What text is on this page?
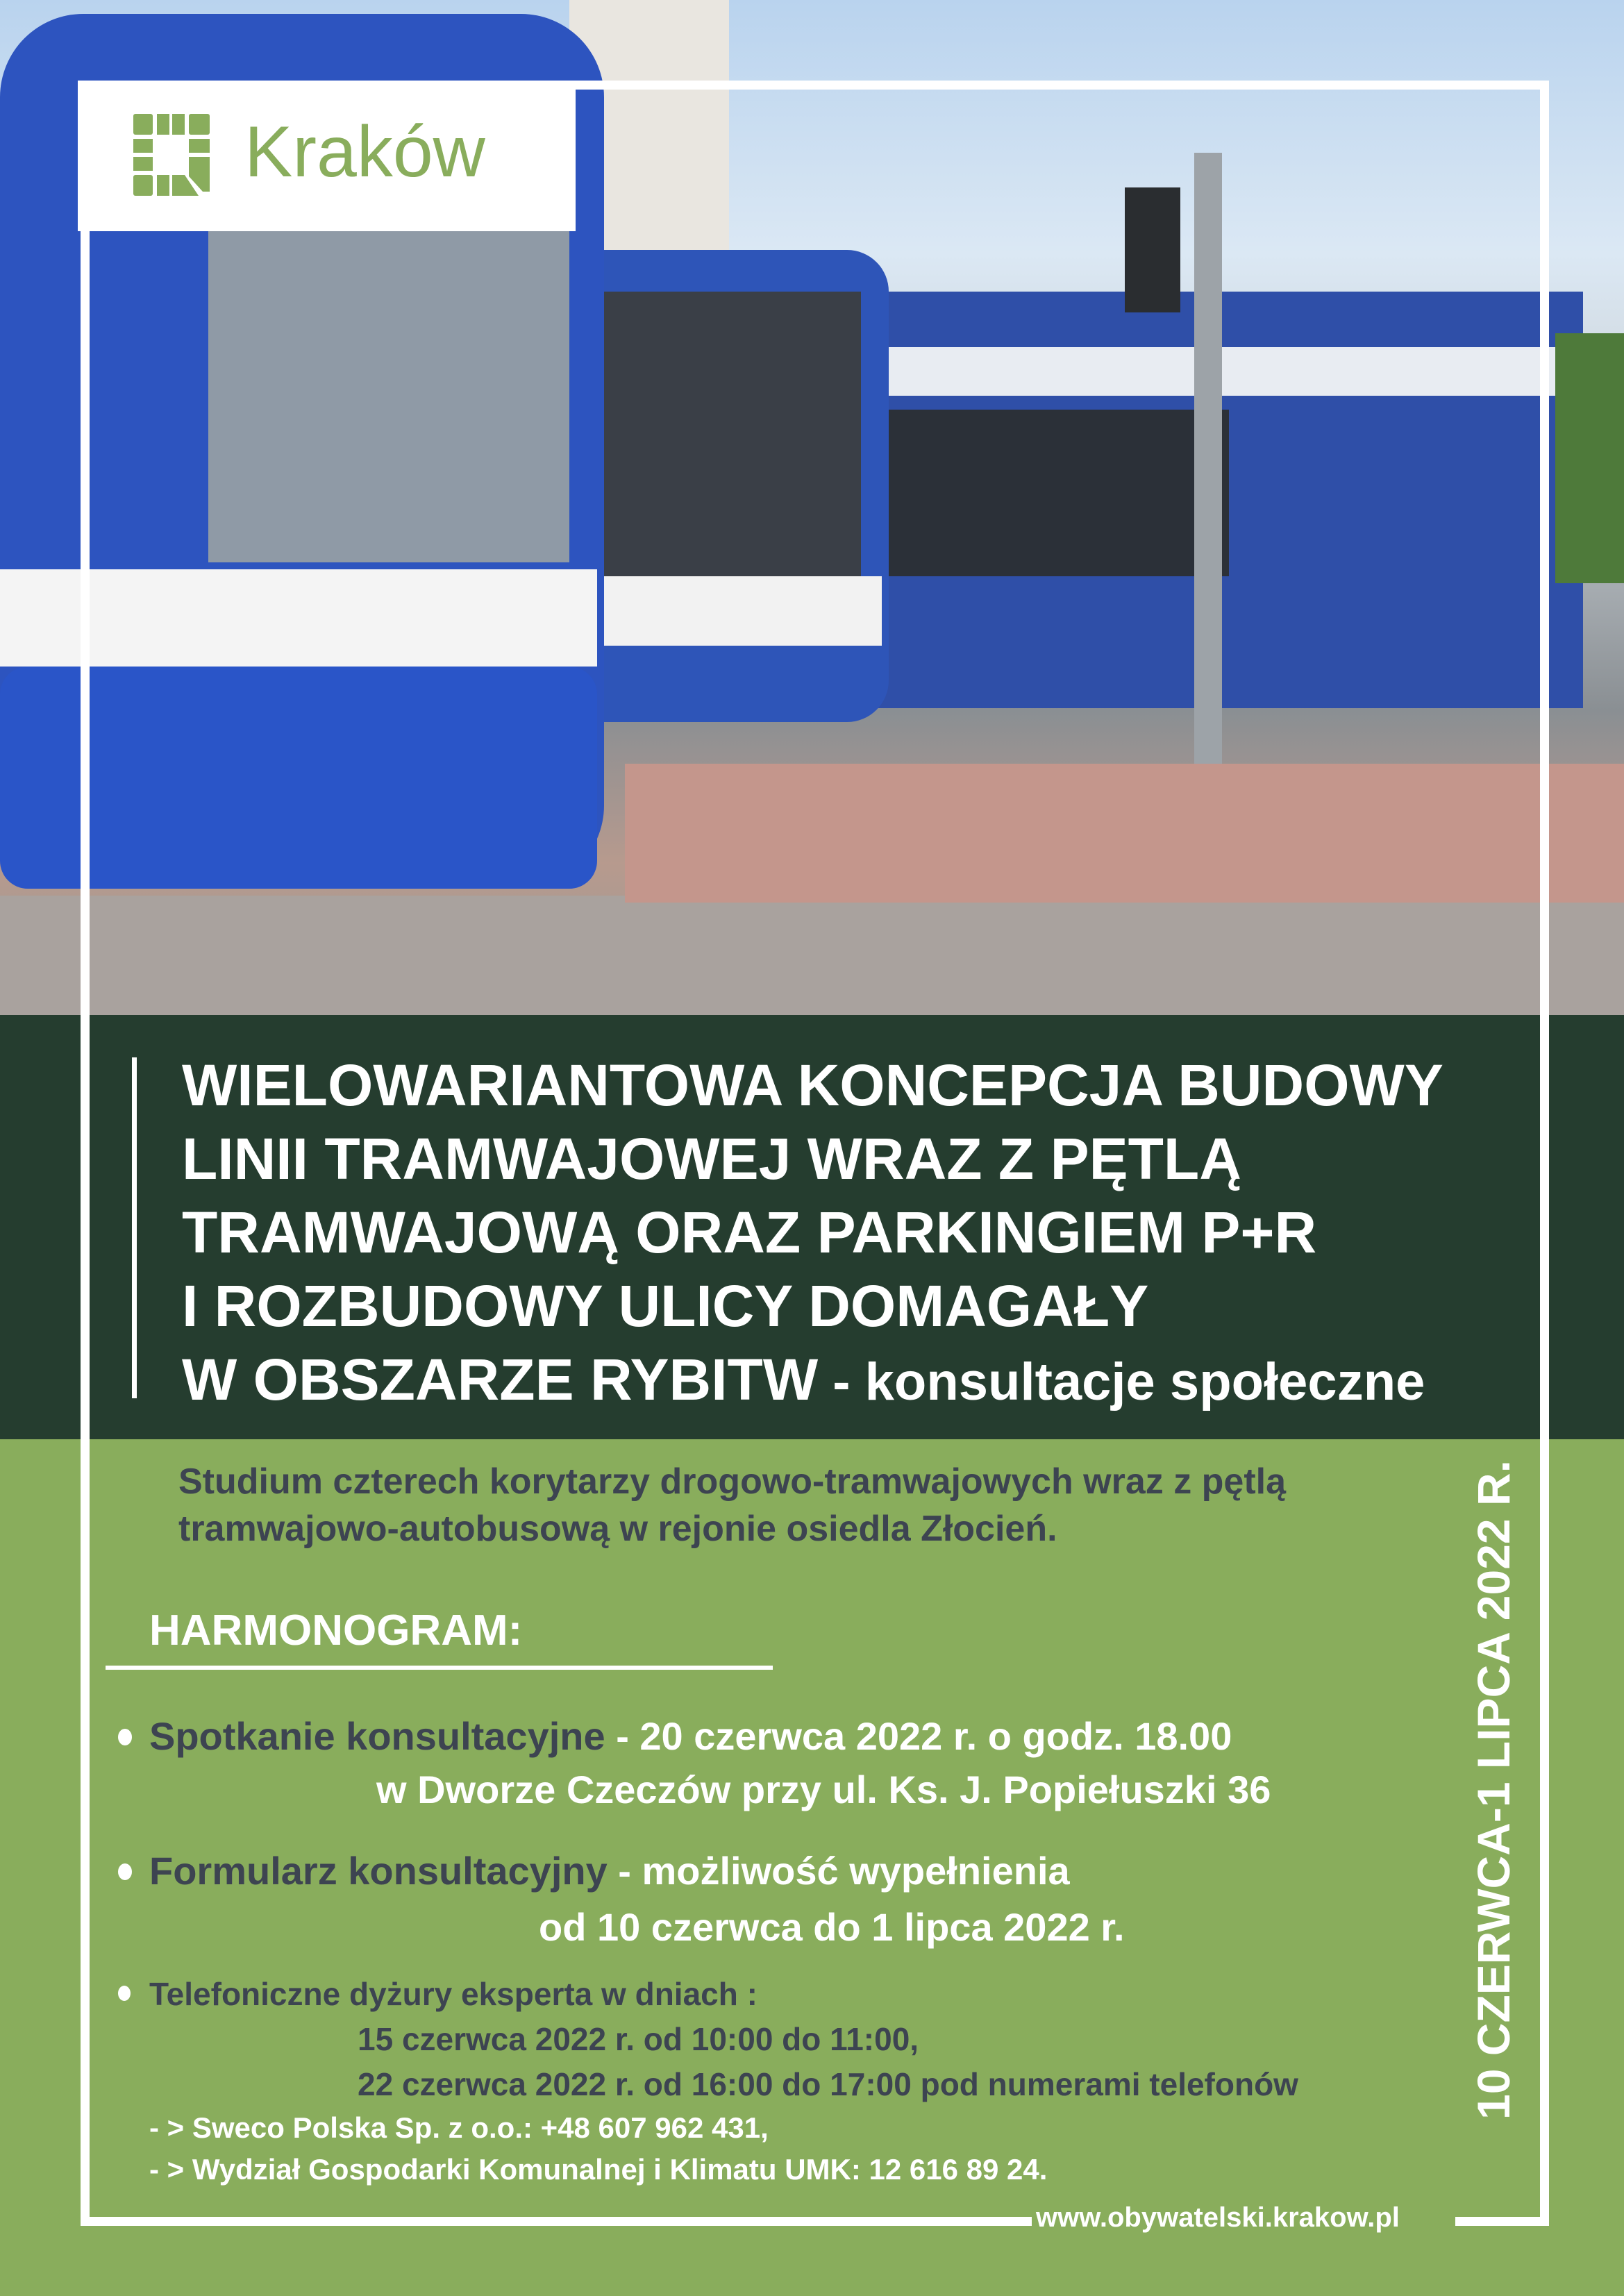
Kraków
WIELOWARIANTOWA KONCEPCJA BUDOWY
LINII TRAMWAJOWEJ WRAZ Z PĘTLĄ
TRAMWAJOWĄ ORAZ PARKINGIEM P+R
I ROZBUDOWY ULICY DOMAGAŁY
W OBSZARZE RYBITW - konsultacje społeczne
Studium czterech korytarzy drogowo-tramwajowych wraz z pętlą
tramwajowo-autobusową w rejonie osiedla Złocień.
HARMONOGRAM:
Spotkanie konsultacyjne - 20 czerwca 2022 r. o godz. 18.00
w Dworze Czeczów przy ul. Ks. J. Popiełuszki 36
Formularz konsultacyjny - możliwość wypełnienia
od 10 czerwca do 1 lipca 2022 r.
Telefoniczne dyżury eksperta w dniach :
15 czerwca 2022 r. od 10:00 do 11:00,
22 czerwca 2022 r. od 16:00 do 17:00 pod numerami telefonów
- > Sweco Polska Sp. z o.o.: +48 607 962 431,
- > Wydział Gospodarki Komunalnej i Klimatu UMK: 12 616 89 24.
10 CZERWCA-1 LIPCA 2022 R.
www.obywatelski.krakow.pl
